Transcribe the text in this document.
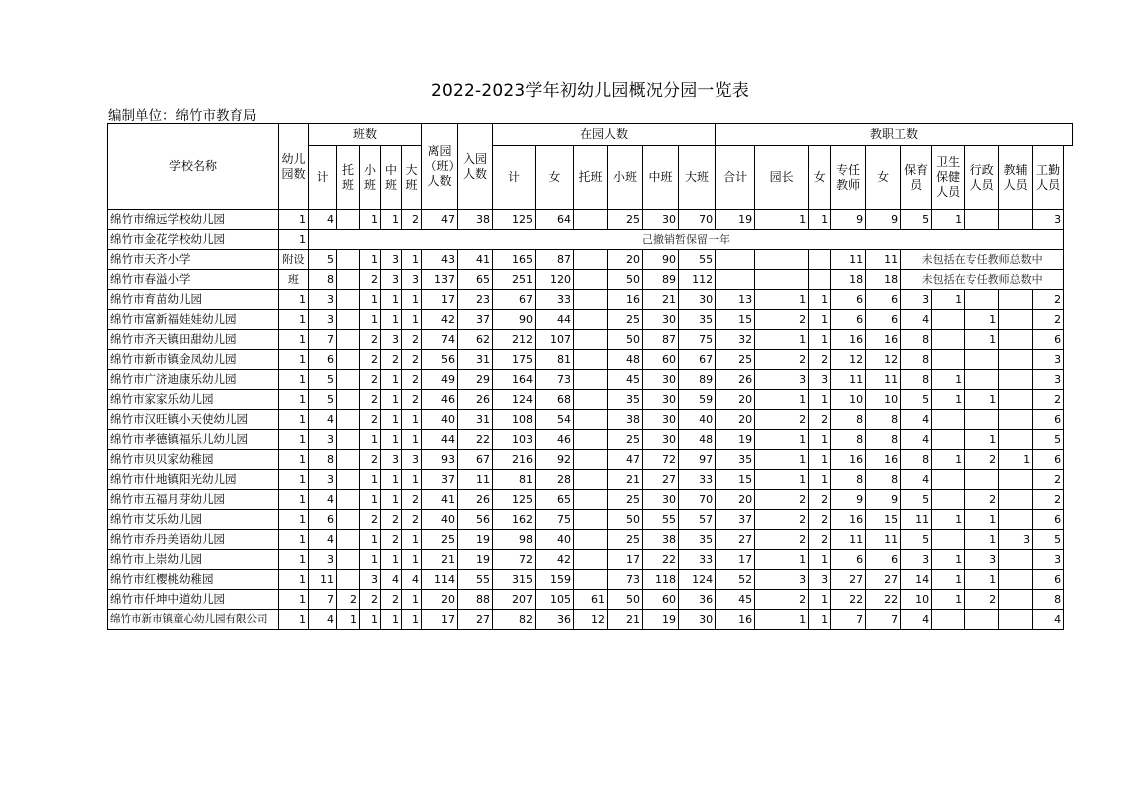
2022-2023学年初幼儿园概况分园一览表
编制单位：绵竹市教育局
学校名称	幼儿园数	班数					离园（班）人数	入园人数	在园人数						教职工数									
		计	托班	小班	中班	大班			计	女	托班	小班	中班	大班	合计	园长	女	专任教师	女	保育员	卫生保健人员	行政人员	教辅人员	工勤人员
绵竹市绵远学校幼儿园	1	4		1	1	2	47	38	125	64		25	30	70	19	1	1	9	9	5	1			3
绵竹市金花学校幼儿园	1	己撤销暂保留一年																						
绵竹市天齐小学	附设	5		1	3	1	43	41	165	87		20	90	55				11	11	未包括在专任教师总数中				
绵竹市春溢小学	班	8		2	3	3	137	65	251	120		50	89	112				18	18	未包括在专任教师总数中				
绵竹市育苗幼儿园	1	3		1	1	1	17	23	67	33		16	21	30	13	1	1	6	6	3	1			2
绵竹市富新福娃娃幼儿园	1	3		1	1	1	42	37	90	44		25	30	35	15	2	1	6	6	4		1		2
绵竹市齐天镇田甜幼儿园	1	7		2	3	2	74	62	212	107		50	87	75	32	1	1	16	16	8		1		6
绵竹市新市镇金凤幼儿园	1	6		2	2	2	56	31	175	81		48	60	67	25	2	2	12	12	8				3
绵竹市广济迪康乐幼儿园	1	5		2	1	2	49	29	164	73		45	30	89	26	3	3	11	11	8	1			3
绵竹市家家乐幼儿园	1	5		2	1	2	46	26	124	68		35	30	59	20	1	1	10	10	5	1	1		2
绵竹市汉旺镇小天使幼儿园	1	4		2	1	1	40	31	108	54		38	30	40	20	2	2	8	8	4				6
绵竹市孝德镇福乐儿幼儿园	1	3		1	1	1	44	22	103	46		25	30	48	19	1	1	8	8	4		1		5
绵竹市贝贝家幼稚园	1	8		2	3	3	93	67	216	92		47	72	97	35	1	1	16	16	8	1	2	1	6
绵竹市什地镇阳光幼儿园	1	3		1	1	1	37	11	81	28		21	27	33	15	1	1	8	8	4				2
绵竹市五福月芽幼儿园	1	4		1	1	2	41	26	125	65		25	30	70	20	2	2	9	9	5		2		2
绵竹市艾乐幼儿园	1	6		2	2	2	40	56	162	75		50	55	57	37	2	2	16	15	11	1	1		6
绵竹市乔丹美语幼儿园	1	4		1	2	1	25	19	98	40		25	38	35	27	2	2	11	11	5		1	3	5
绵竹市上崇幼儿园	1	3		1	1	1	21	19	72	42		17	22	33	17	1	1	6	6	3	1	3		3
绵竹市红樱桃幼稚园	1	11		3	4	4	114	55	315	159		73	118	124	52	3	3	27	27	14	1	1		6
绵竹市仟坤中道幼儿园	1	7	2	2	2	1	20	88	207	105	61	50	60	36	45	2	1	22	22	10	1	2		8
绵竹市新市镇童心幼儿园有限公司	1	4	1	1	1	1	17	27	82	36	12	21	19	30	16	1	1	7	7	4				4
